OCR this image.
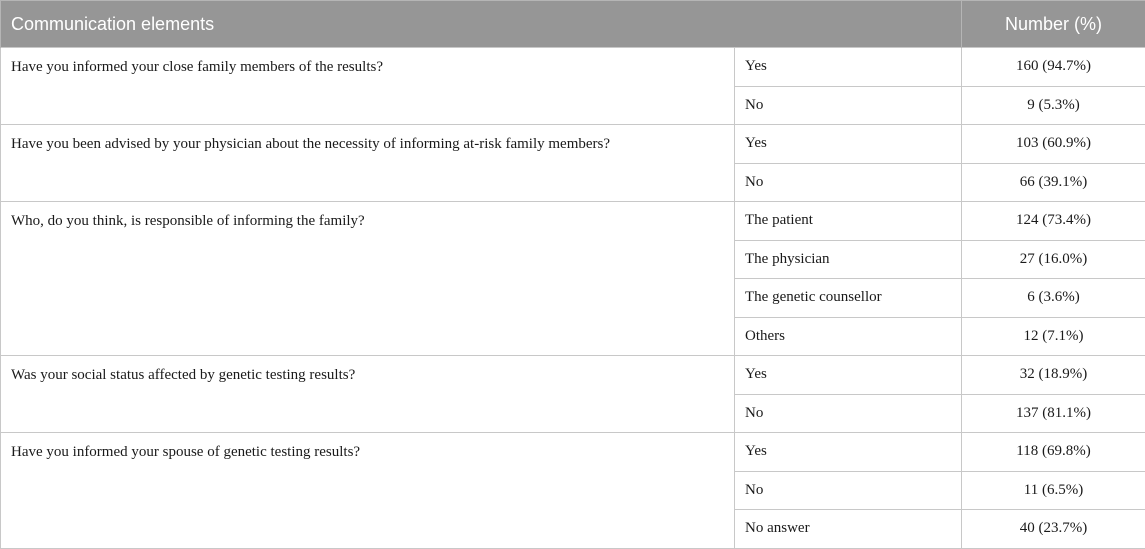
Communication elements		Number (%)
Have you informed your close family members of the results?	Yes	160 (94.7%)
	No	9 (5.3%)
Have you been advised by your physician about the necessity of informing at-risk family members?	Yes	103 (60.9%)
	No	66 (39.1%)
Who, do you think, is responsible of informing the family?	The patient	124 (73.4%)
	The physician	27 (16.0%)
	The genetic counsellor	6 (3.6%)
	Others	12 (7.1%)
Was your social status affected by genetic testing results?	Yes	32 (18.9%)
	No	137 (81.1%)
Have you informed your spouse of genetic testing results?	Yes	118 (69.8%)
	No	11 (6.5%)
	No answer	40 (23.7%)
